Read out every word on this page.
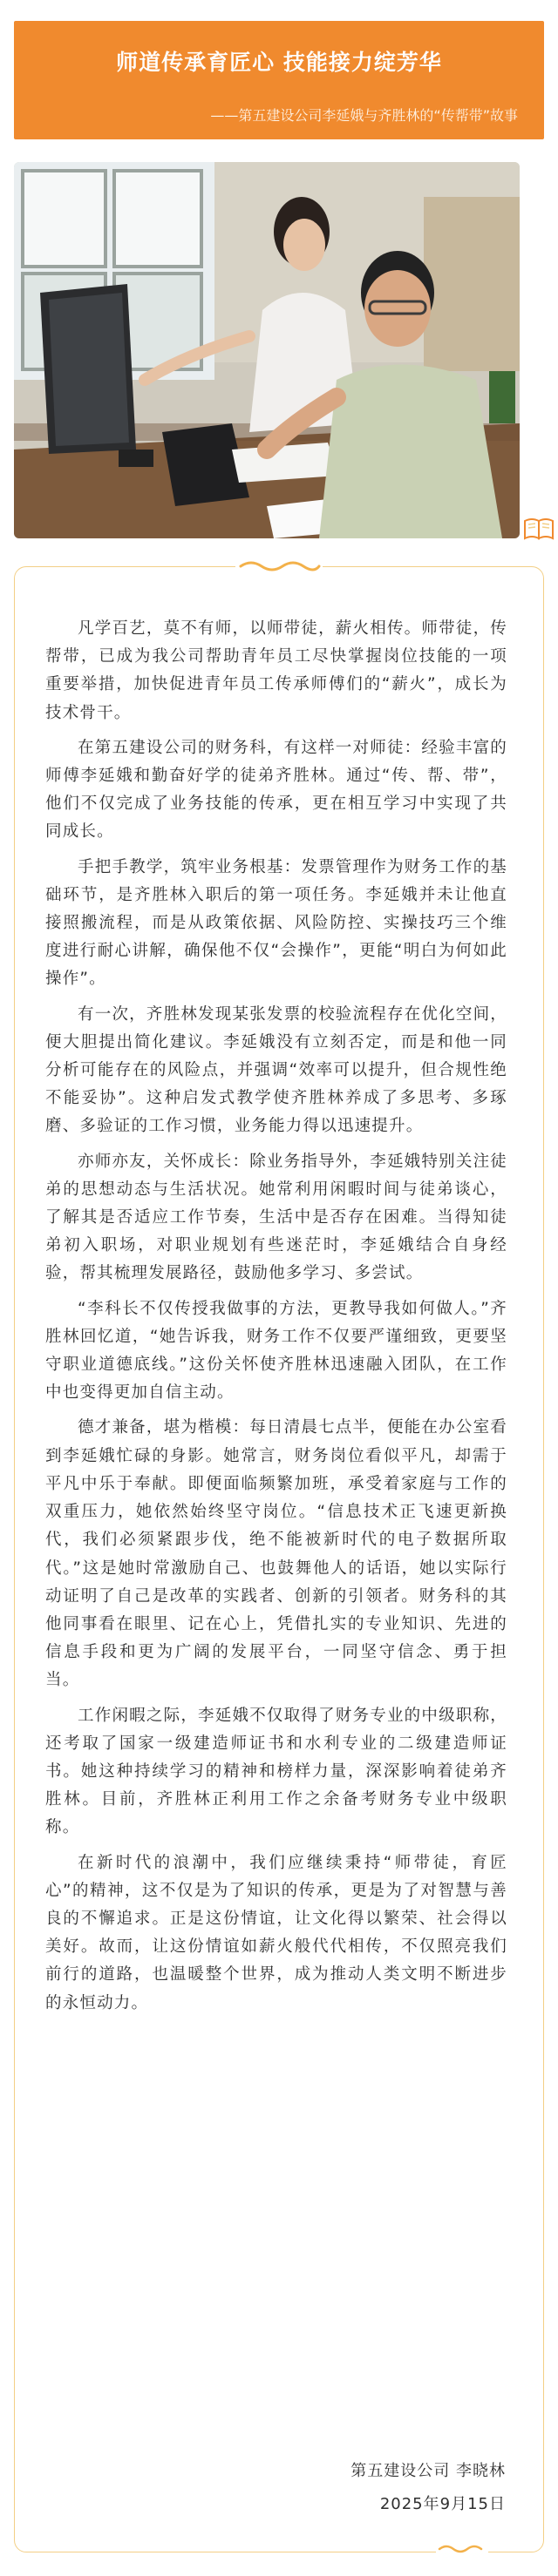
师道传承育匠心 技能接力绽芳华
——第五建设公司李延娥与齐胜林的“传帮带”故事

凡学百艺，莫不有师，以师带徒，薪火相传。师带徒，传帮带，已成为我公司帮助青年员工尽快掌握岗位技能的一项重要举措，加快促进青年员工传承师傅们的“薪火”，成长为技术骨干。

在第五建设公司的财务科，有这样一对师徒：经验丰富的师傅李延娥和勤奋好学的徒弟齐胜林。通过“传、帮、带”，他们不仅完成了业务技能的传承，更在相互学习中实现了共同成长。

手把手教学，筑牢业务根基：发票管理作为财务工作的基础环节，是齐胜林入职后的第一项任务。李延娥并未让他直接照搬流程，而是从政策依据、风险防控、实操技巧三个维度进行耐心讲解，确保他不仅“会操作”，更能“明白为何如此操作”。

有一次，齐胜林发现某张发票的校验流程存在优化空间，便大胆提出简化建议。李延娥没有立刻否定，而是和他一同分析可能存在的风险点，并强调“效率可以提升，但合规性绝不能妥协”。这种启发式教学使齐胜林养成了多思考、多琢磨、多验证的工作习惯，业务能力得以迅速提升。

亦师亦友，关怀成长：除业务指导外，李延娥特别关注徒弟的思想动态与生活状况。她常利用闲暇时间与徒弟谈心，了解其是否适应工作节奏，生活中是否存在困难。当得知徒弟初入职场，对职业规划有些迷茫时，李延娥结合自身经验，帮其梳理发展路径，鼓励他多学习、多尝试。

“李科长不仅传授我做事的方法，更教导我如何做人。”齐胜林回忆道，“她告诉我，财务工作不仅要严谨细致，更要坚守职业道德底线。”这份关怀使齐胜林迅速融入团队，在工作中也变得更加自信主动。

德才兼备，堪为楷模：每日清晨七点半，便能在办公室看到李延娥忙碌的身影。她常言，财务岗位看似平凡，却需于平凡中乐于奉献。即便面临频繁加班，承受着家庭与工作的双重压力，她依然始终坚守岗位。“信息技术正飞速更新换代，我们必须紧跟步伐，绝不能被新时代的电子数据所取代。”这是她时常激励自己、也鼓舞他人的话语，她以实际行动证明了自己是改革的实践者、创新的引领者。财务科的其他同事看在眼里、记在心上，凭借扎实的专业知识、先进的信息手段和更为广阔的发展平台，一同坚守信念、勇于担当。

工作闲暇之际，李延娥不仅取得了财务专业的中级职称，还考取了国家一级建造师证书和水利专业的二级建造师证书。她这种持续学习的精神和榜样力量，深深影响着徒弟齐胜林。目前，齐胜林正利用工作之余备考财务专业中级职称。

在新时代的浪潮中，我们应继续秉持“师带徒，育匠心”的精神，这不仅是为了知识的传承，更是为了对智慧与善良的不懈追求。正是这份情谊，让文化得以繁荣、社会得以美好。故而，让这份情谊如薪火般代代相传，不仅照亮我们前行的道路，也温暖整个世界，成为推动人类文明不断进步的永恒动力。

第五建设公司 李晓林
2025年9月15日
